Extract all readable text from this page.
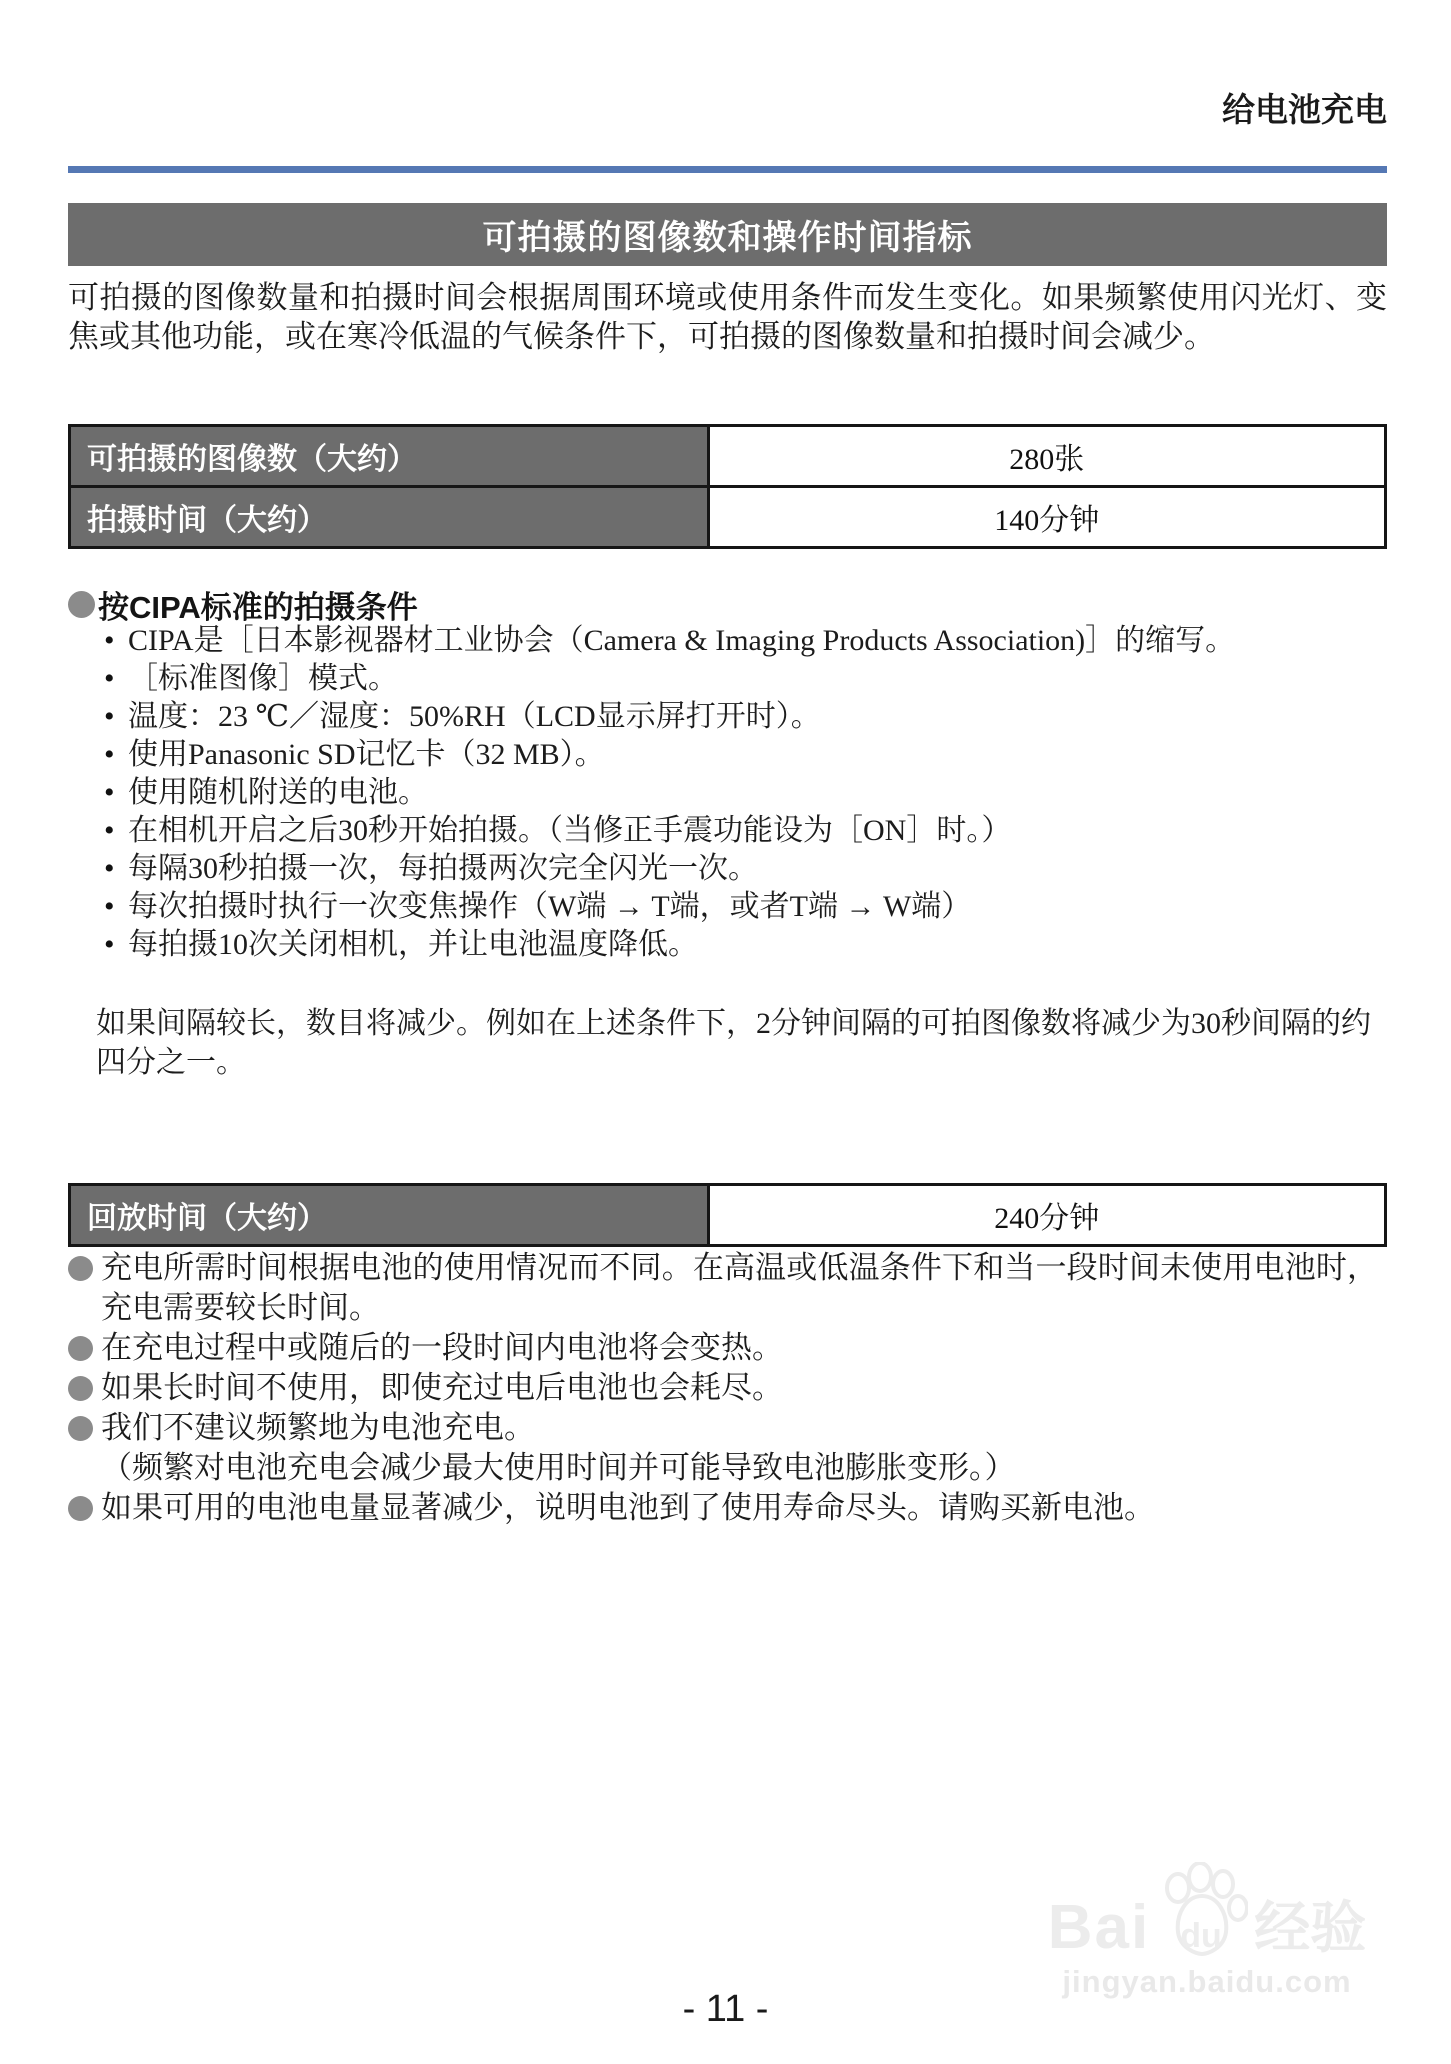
给电池充电
可拍摄的图像数和操作时间指标
可拍摄的图像数量和拍摄时间会根据周围环境或使用条件而发生变化。如果频繁使用闪光灯、变焦或其他功能，或在寒冷低温的气候条件下，可拍摄的图像数量和拍摄时间会减少。
可拍摄的图像数（大约）	280张
拍摄时间（大约）	140分钟
按CIPA标准的拍摄条件
• CIPA是［日本影视器材工业协会（Camera & Imaging Products Association)］的缩写。
• ［标准图像］模式。
• 温度：23 ℃／湿度：50%RH（LCD显示屏打开时）。
• 使用Panasonic SD记忆卡（32 MB）。
• 使用随机附送的电池。
• 在相机开启之后30秒开始拍摄。（当修正手震功能设为［ON］时。）
• 每隔30秒拍摄一次，每拍摄两次完全闪光一次。
• 每次拍摄时执行一次变焦操作（W端 → T端，或者T端 → W端）
• 每拍摄10次关闭相机，并让电池温度降低。
如果间隔较长，数目将减少。例如在上述条件下，2分钟间隔的可拍图像数将减少为30秒间隔的约四分之一。
回放时间（大约）	240分钟
充电所需时间根据电池的使用情况而不同。在高温或低温条件下和当一段时间未使用电池时，充电需要较长时间。
在充电过程中或随后的一段时间内电池将会变热。
如果长时间不使用，即使充过电后电池也会耗尽。
我们不建议频繁地为电池充电。
（频繁对电池充电会减少最大使用时间并可能导致电池膨胀变形。）
如果可用的电池电量显著减少，说明电池到了使用寿命尽头。请购买新电池。
Bai du 经验
jingyan.baidu.com
- 11 -
